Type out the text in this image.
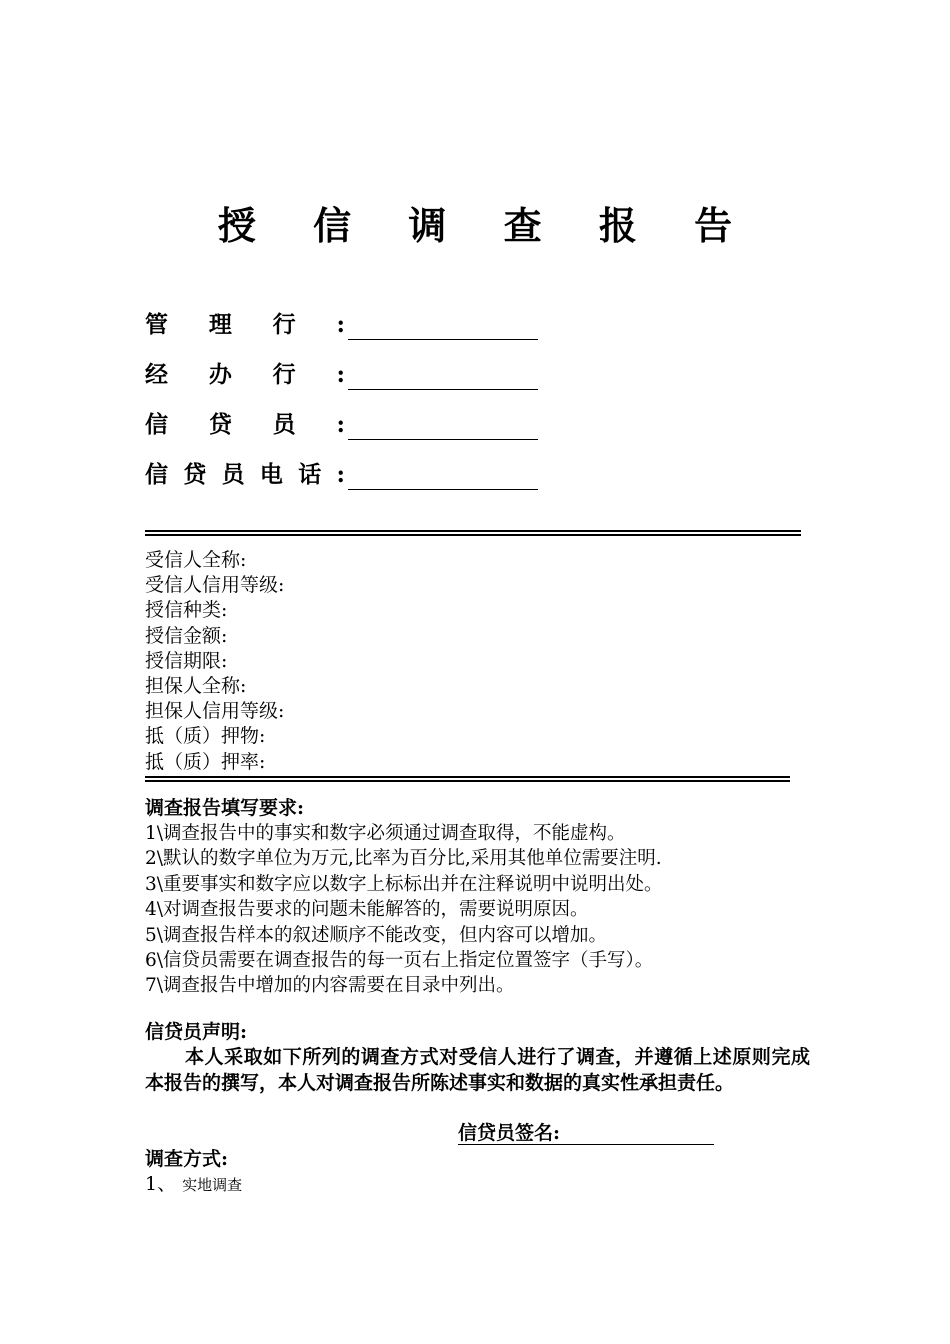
授 信 调 查 报 告
管理行:
经办行:
信贷员:
信贷员电话:
受信人全称:
受信人信用等级:
授信种类:
授信金额:
授信期限:
担保人全称:
担保人信用等级:
抵（质）押物:
抵（质）押率:
调查报告填写要求:
1\调查报告中的事实和数字必须通过调查取得，不能虚构。
2\默认的数字单位为万元,比率为百分比,采用其他单位需要注明.
3\重要事实和数字应以数字上标标出并在注释说明中说明出处。
4\对调查报告要求的问题未能解答的，需要说明原因。
5\调查报告样本的叙述顺序不能改变，但内容可以增加。
6\信贷员需要在调查报告的每一页右上指定位置签字（手写）。
7\调查报告中增加的内容需要在目录中列出。
信贷员声明:

本人采取如下所列的调查方式对受信人进行了调查，并遵循上述原则完成本报告的撰写，本人对调查报告所陈述事实和数据的真实性承担责任。

信贷员签名:
调查方式:
1、 实地调查
